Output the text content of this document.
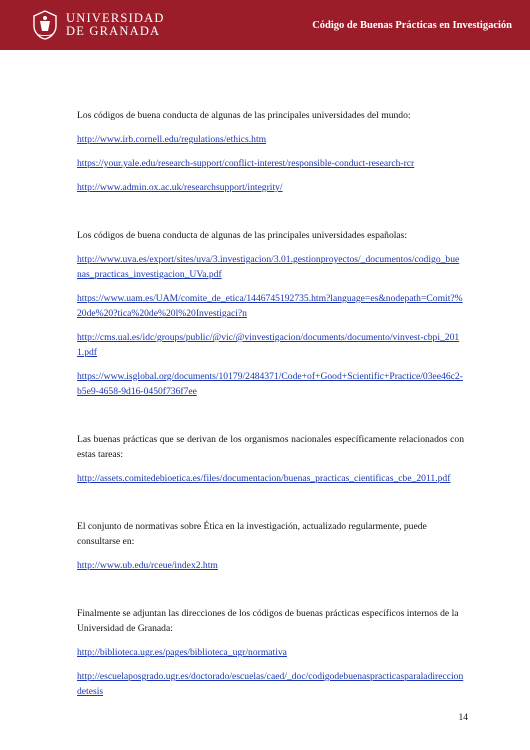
UNIVERSIDAD
DE GRANADA	Código de Buenas Prácticas en Investigación

Los códigos de buena conducta de algunas de las principales universidades del mundo:

http://www.irb.cornell.edu/regulations/ethics.htm
https://your.yale.edu/research-support/conflict-interest/responsible-conduct-research-rcr
http://www.admin.ox.ac.uk/researchsupport/integrity/

Los códigos de buena conducta de algunas de las principales universidades españolas:

http://www.uva.es/export/sites/uva/3.investigacion/3.01.gestionproyectos/_documentos/codigo_buenas_practicas_investigacion_UVa.pdf
https://www.uam.es/UAM/comite_de_etica/1446745192735.htm?language=es&nodepath=Comit?%20de%20?tica%20de%20l%20Investigaci?n
http://cms.ual.es/idc/groups/public/@vic/@vinvestigacion/documents/documento/vinvest-cbpi_2011.pdf
https://www.isglobal.org/documents/10179/2484371/Code+of+Good+Scientific+Practice/03ee46c2-b5e9-4658-9d16-0450f736f7ee

Las buenas prácticas que se derivan de los organismos nacionales específicamente relacionados con estas tareas:

http://assets.comitedebioetica.es/files/documentacion/buenas_practicas_cientificas_cbe_2011.pdf

El conjunto de normativas sobre Ética en la investigación, actualizado regularmente, puede consultarse en:

http://www.ub.edu/rceue/index2.htm

Finalmente se adjuntan las direcciones de los códigos de buenas prácticas específicos internos de la Universidad de Granada:

http://biblioteca.ugr.es/pages/biblioteca_ugr/normativa
http://escuelaposgrado.ugr.es/doctorado/escuelas/caed/_doc/codigodebuenaspracticasparaladirecciondetesis
14
